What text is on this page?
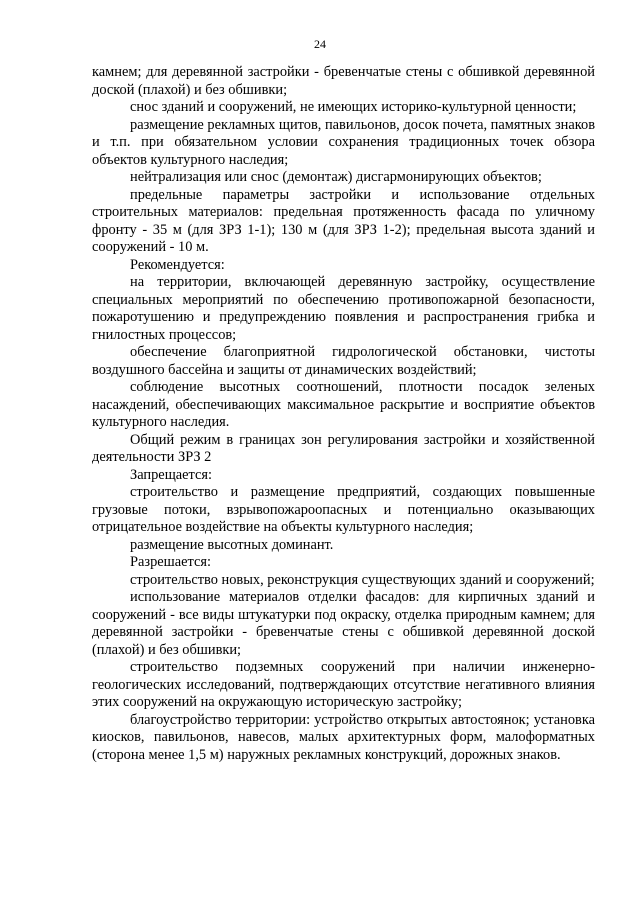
24

камнем; для деревянной застройки - бревенчатые стены с обшивкой деревянной доской (плахой) и без обшивки;

снос зданий и сооружений, не имеющих историко-культурной ценности;

размещение рекламных щитов, павильонов, досок почета, памятных знаков и т.п. при обязательном условии сохранения традиционных точек обзора объектов культурного наследия;

нейтрализация или снос (демонтаж) дисгармонирующих объектов;

предельные параметры застройки и использование отдельных строительных материалов: предельная протяженность фасада по уличному фронту - 35 м (для ЗРЗ 1-1); 130 м (для ЗРЗ 1-2); предельная высота зданий и сооружений - 10 м.

Рекомендуется:

на территории, включающей деревянную застройку, осуществление специальных мероприятий по обеспечению противопожарной безопасности, пожаротушению и предупреждению появления и распространения грибка и гнилостных процессов;

обеспечение благоприятной гидрологической обстановки, чистоты воздушного бассейна и защиты от динамических воздействий;

соблюдение высотных соотношений, плотности посадок зеленых насаждений, обеспечивающих максимальное раскрытие и восприятие объектов культурного наследия.

Общий режим в границах зон регулирования застройки и хозяйственной деятельности ЗРЗ 2

Запрещается:

строительство и размещение предприятий, создающих повышенные грузовые потоки, взрывопожароопасных и потенциально оказывающих отрицательное воздействие на объекты культурного наследия;

размещение высотных доминант.

Разрешается:

строительство новых, реконструкция существующих зданий и сооружений;

использование материалов отделки фасадов: для кирпичных зданий и сооружений - все виды штукатурки под окраску, отделка природным камнем; для деревянной застройки - бревенчатые стены с обшивкой деревянной доской (плахой) и без обшивки;

строительство подземных сооружений при наличии инженерно-геологических исследований, подтверждающих отсутствие негативного влияния этих сооружений на окружающую историческую застройку;

благоустройство территории: устройство открытых автостоянок; установка киосков, павильонов, навесов, малых архитектурных форм, малоформатных (сторона менее 1,5 м) наружных рекламных конструкций, дорожных знаков.
